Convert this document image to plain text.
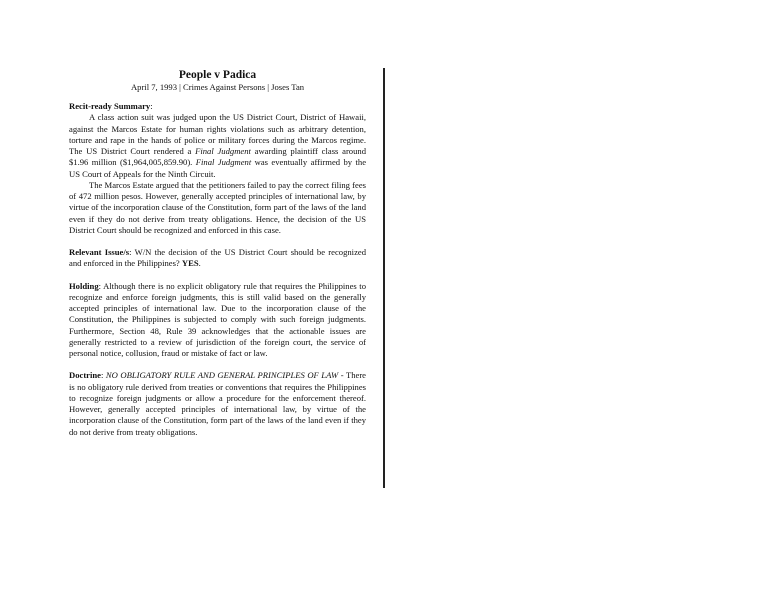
People v Padica
April 7, 1993 | Crimes Against Persons | Joses Tan

Recit-ready Summary:

A class action suit was judged upon the US District Court, District of Hawaii, against the Marcos Estate for human rights violations such as arbitrary detention, torture and rape in the hands of police or military forces during the Marcos regime. The US District Court rendered a Final Judgment awarding plaintiff class around $1.96 million ($1,964,005,859.90). Final Judgment was eventually affirmed by the US Court of Appeals for the Ninth Circuit.

The Marcos Estate argued that the petitioners failed to pay the correct filing fees of 472 million pesos. However, generally accepted principles of international law, by virtue of the incorporation clause of the Constitution, form part of the laws of the land even if they do not derive from treaty obligations. Hence, the decision of the US District Court should be recognized and enforced in this case.

Relevant Issue/s: W/N the decision of the US District Court should be recognized and enforced in the Philippines? YES.

Holding: Although there is no explicit obligatory rule that requires the Philippines to recognize and enforce foreign judgments, this is still valid based on the generally accepted principles of international law. Due to the incorporation clause of the Constitution, the Philippines is subjected to comply with such foreign judgments. Furthermore, Section 48, Rule 39 acknowledges that the actionable issues are generally restricted to a review of jurisdiction of the foreign court, the service of personal notice, collusion, fraud or mistake of fact or law.

Doctrine: NO OBLIGATORY RULE AND GENERAL PRINCIPLES OF LAW - There is no obligatory rule derived from treaties or conventions that requires the Philippines to recognize foreign judgments or allow a procedure for the enforcement thereof. However, generally accepted principles of international law, by virtue of the incorporation clause of the Constitution, form part of the laws of the land even if they do not derive from treaty obligations.
